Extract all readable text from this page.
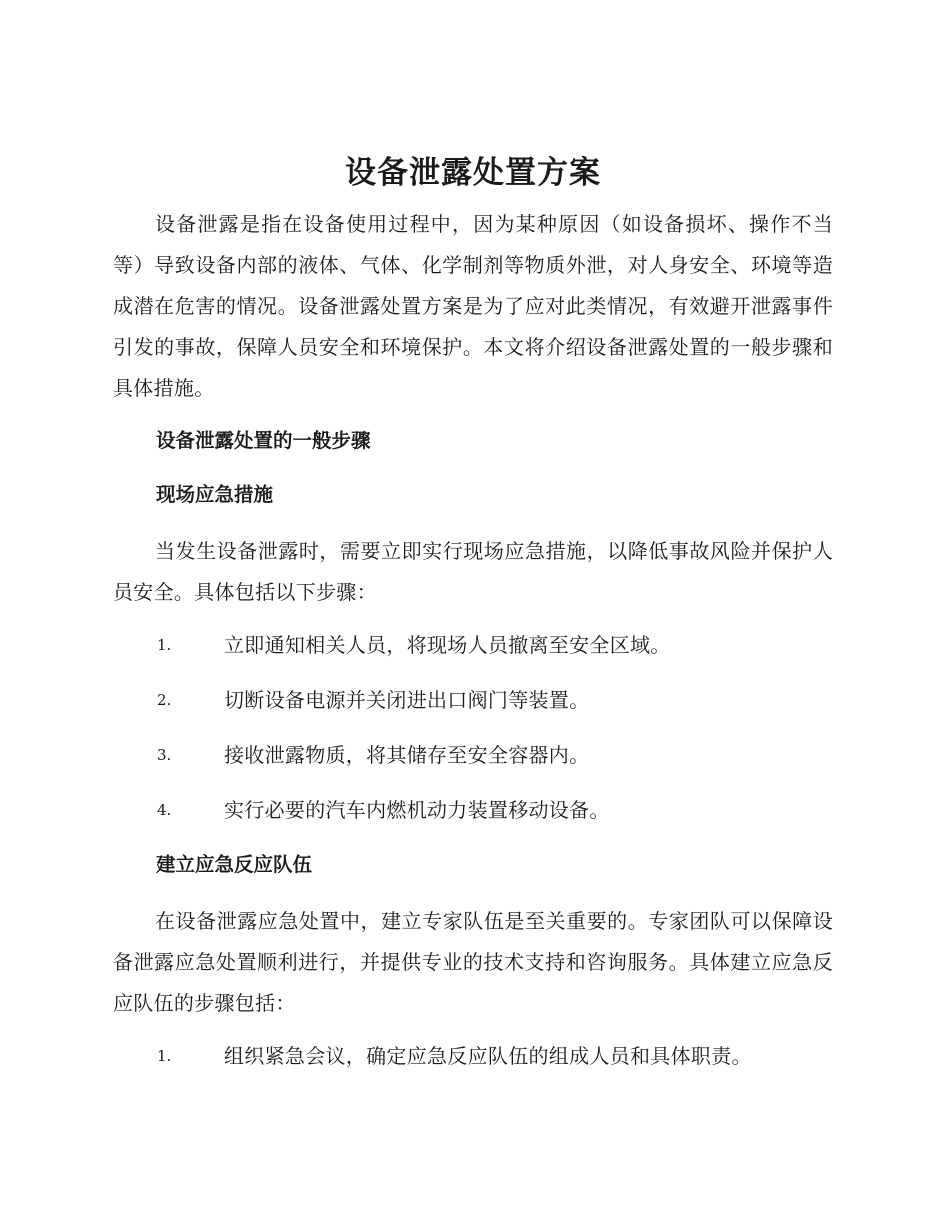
设备泄露处置方案

设备泄露是指在设备使用过程中，因为某种原因（如设备损坏、操作不当等）导致设备内部的液体、气体、化学制剂等物质外泄，对人身安全、环境等造成潜在危害的情况。设备泄露处置方案是为了应对此类情况，有效避开泄露事件引发的事故，保障人员安全和环境保护。本文将介绍设备泄露处置的一般步骤和具体措施。

设备泄露处置的一般步骤
现场应急措施

当发生设备泄露时，需要立即实行现场应急措施，以降低事故风险并保护人员安全。具体包括以下步骤：

1.	立即通知相关人员，将现场人员撤离至安全区域。
2.	切断设备电源并关闭进出口阀门等装置。
3.	接收泄露物质，将其储存至安全容器内。
4.	实行必要的汽车内燃机动力装置移动设备。
建立应急反应队伍

在设备泄露应急处置中，建立专家队伍是至关重要的。专家团队可以保障设备泄露应急处置顺利进行，并提供专业的技术支持和咨询服务。具体建立应急反应队伍的步骤包括：

1.	组织紧急会议，确定应急反应队伍的组成人员和具体职责。
